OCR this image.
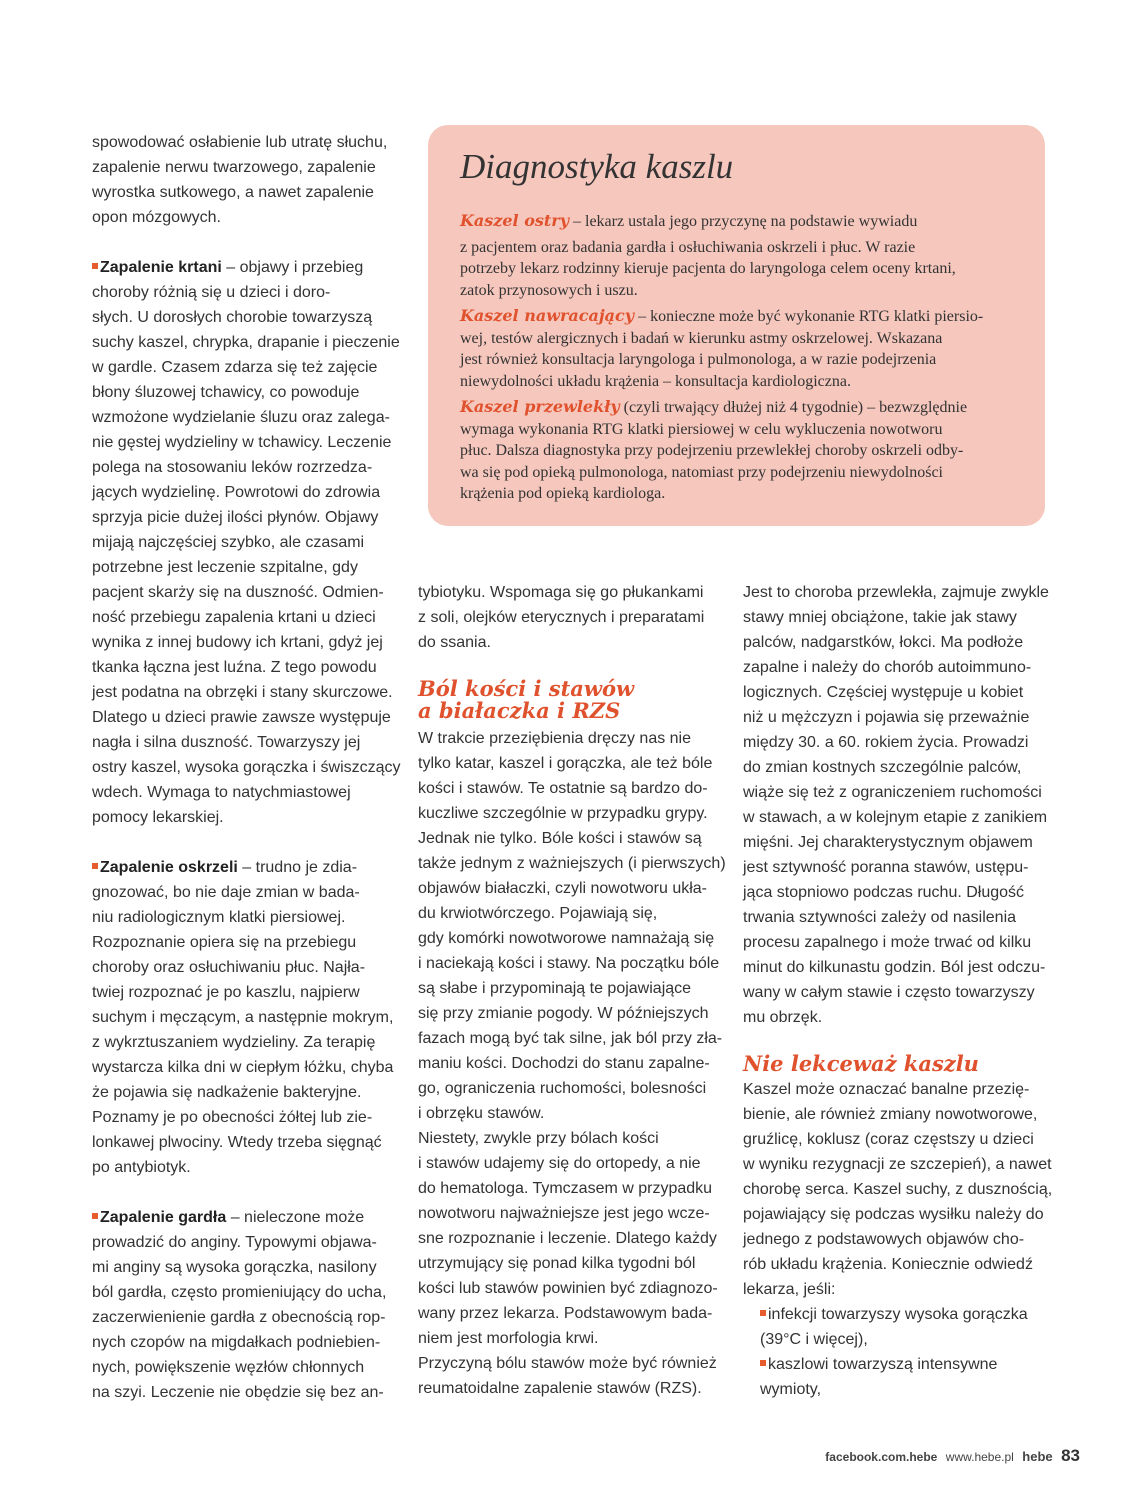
spowodować osłabienie lub utratę słuchu,

zapalenie nerwu twarzowego, zapalenie

wyrostka sutkowego, a nawet zapalenie

opon mózgowych.

Zapalenie krtani – objawy i przebieg

choroby różnią się u dzieci i doro-

słych. U dorosłych chorobie towarzyszą

suchy kaszel, chrypka, drapanie i pieczenie

w gardle. Czasem zdarza się też zajęcie

błony śluzowej tchawicy, co powoduje

wzmożone wydzielanie śluzu oraz zalega-

nie gęstej wydzieliny w tchawicy. Leczenie

polega na stosowaniu leków rozrzedza-

jących wydzielinę. Powrotowi do zdrowia

sprzyja picie dużej ilości płynów. Objawy

mijają najczęściej szybko, ale czasami

potrzebne jest leczenie szpitalne, gdy

pacjent skarży się na duszność. Odmien-

ność przebiegu zapalenia krtani u dzieci

wynika z innej budowy ich krtani, gdyż jej

tkanka łączna jest luźna. Z tego powodu

jest podatna na obrzęki i stany skurczowe.

Dlatego u dzieci prawie zawsze występuje

nagła i silna duszność. Towarzyszy jej

ostry kaszel, wysoka gorączka i świszczący

wdech. Wymaga to natychmiastowej

pomocy lekarskiej.

Zapalenie oskrzeli – trudno je zdia-

gnozować, bo nie daje zmian w bada-

niu radiologicznym klatki piersiowej.

Rozpoznanie opiera się na przebiegu

choroby oraz osłuchiwaniu płuc. Najła-

twiej rozpoznać je po kaszlu, najpierw

suchym i męczącym, a następnie mokrym,

z wykrztuszaniem wydzieliny. Za terapię

wystarcza kilka dni w ciepłym łóżku, chyba

że pojawia się nadkażenie bakteryjne.

Poznamy je po obecności żółtej lub zie-

lonkawej plwociny. Wtedy trzeba sięgnąć

po antybiotyk.

Zapalenie gardła – nieleczone może

prowadzić do anginy. Typowymi objawa-

mi anginy są wysoka gorączka, nasilony

ból gardła, często promieniujący do ucha,

zaczerwienienie gardła z obecnością rop-

nych czopów na migdałkach podniebien-

nych, powiększenie węzłów chłonnych

na szyi. Leczenie nie obędzie się bez an-

Diagnostyka kaszlu

Kaszel ostry – lekarz ustala jego przyczynę na podstawie wywiadu

z pacjentem oraz badania gardła i osłuchiwania oskrzeli i płuc. W razie

potrzeby lekarz rodzinny kieruje pacjenta do laryngologa celem oceny krtani,

zatok przynosowych i uszu.

Kaszel nawracający – konieczne może być wykonanie RTG klatki piersio-

wej, testów alergicznych i badań w kierunku astmy oskrzelowej. Wskazana

jest również konsultacja laryngologa i pulmonologa, a w razie podejrzenia

niewydolności układu krążenia – konsultacja kardiologiczna.

Kaszel przewlekły (czyli trwający dłużej niż 4 tygodnie) – bezwzględnie

wymaga wykonania RTG klatki piersiowej w celu wykluczenia nowotworu

płuc. Dalsza diagnostyka przy podejrzeniu przewlekłej choroby oskrzeli odby-

wa się pod opieką pulmonologa, natomiast przy podejrzeniu niewydolności

krążenia pod opieką kardiologa.

tybiotyku. Wspomaga się go płukankami

z soli, olejków eterycznych i preparatami

do ssania.

Ból kości i stawów

a białaczka i RZS

W trakcie przeziębienia dręczy nas nie

tylko katar, kaszel i gorączka, ale też bóle

kości i stawów. Te ostatnie są bardzo do-

kuczliwe szczególnie w przypadku grypy.

Jednak nie tylko. Bóle kości i stawów są

także jednym z ważniejszych (i pierwszych)

objawów białaczki, czyli nowotworu ukła-

du krwiotwórczego. Pojawiają się,

gdy komórki nowotworowe namnażają się

i naciekają kości i stawy. Na początku bóle

są słabe i przypominają te pojawiające

się przy zmianie pogody. W późniejszych

fazach mogą być tak silne, jak ból przy zła-

maniu kości. Dochodzi do stanu zapalne-

go, ograniczenia ruchomości, bolesności

i obrzęku stawów.

Niestety, zwykle przy bólach kości

i stawów udajemy się do ortopedy, a nie

do hematologa. Tymczasem w przypadku

nowotworu najważniejsze jest jego wcze-

sne rozpoznanie i leczenie. Dlatego każdy

utrzymujący się ponad kilka tygodni ból

kości lub stawów powinien być zdiagnozo-

wany przez lekarza. Podstawowym bada-

niem jest morfologia krwi.

Przyczyną bólu stawów może być również

reumatoidalne zapalenie stawów (RZS).

Jest to choroba przewlekła, zajmuje zwykle

stawy mniej obciążone, takie jak stawy

palców, nadgarstków, łokci. Ma podłoże

zapalne i należy do chorób autoimmuno-

logicznych. Częściej występuje u kobiet

niż u mężczyzn i pojawia się przeważnie

między 30. a 60. rokiem życia. Prowadzi

do zmian kostnych szczególnie palców,

wiąże się też z ograniczeniem ruchomości

w stawach, a w kolejnym etapie z zanikiem

mięśni. Jej charakterystycznym objawem

jest sztywność poranna stawów, ustępu-

jąca stopniowo podczas ruchu. Długość

trwania sztywności zależy od nasilenia

procesu zapalnego i może trwać od kilku

minut do kilkunastu godzin. Ból jest odczu-

wany w całym stawie i często towarzyszy

mu obrzęk.

Nie lekceważ kaszlu

Kaszel może oznaczać banalne przezię-

bienie, ale również zmiany nowotworowe,

gruźlicę, koklusz (coraz częstszy u dzieci

w wyniku rezygnacji ze szczepień), a nawet

chorobę serca. Kaszel suchy, z dusznością,

pojawiający się podczas wysiłku należy do

jednego z podstawowych objawów cho-

rób układu krążenia. Koniecznie odwiedź

lekarza, jeśli:

infekcji towarzyszy wysoka gorączka

(39°C i więcej),

kaszlowi towarzyszą intensywne

wymioty,

facebook.com.hebe www.hebe.pl hebe 83
